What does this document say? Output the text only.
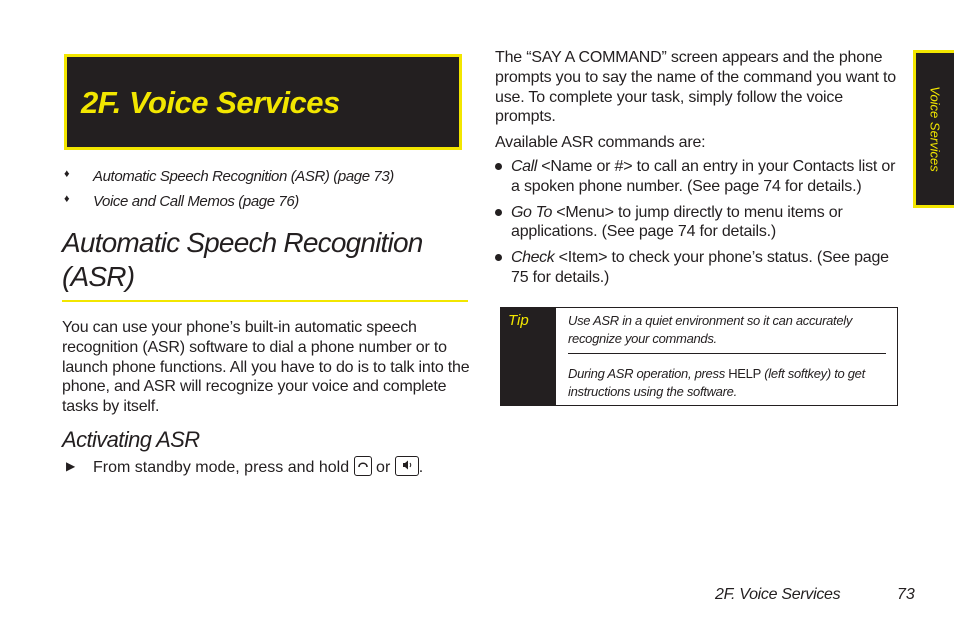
2F. Voice Services
♦ Automatic Speech Recognition (ASR) (page 73)
♦ Voice and Call Memos (page 76)
Automatic Speech Recognition (ASR)

You can use your phone’s built-in automatic speech recognition (ASR) software to dial a phone number or to launch phone functions. All you have to do is to talk into the phone, and ASR will recognize your voice and complete tasks by itself.

Activating ASR
▶ From standby mode, press and hold or .

The “SAY A COMMAND” screen appears and the phone prompts you to say the name of the command you want to use. To complete your task, simply follow the voice prompts.

Available ASR commands are:

Call <Name or #> to call an entry in your Contacts list or a spoken phone number. (See page 74 for details.)
Go To <Menu> to jump directly to menu items or applications. (See page 74 for details.)
Check <Item> to check your phone’s status. (See page 75 for details.)
Tip	Use ASR in a quiet environment so it can accurately recognize your commands.
During ASR operation, press HELP (left softkey) to get instructions using the software.
Voice Services
2F. Voice Services	73
